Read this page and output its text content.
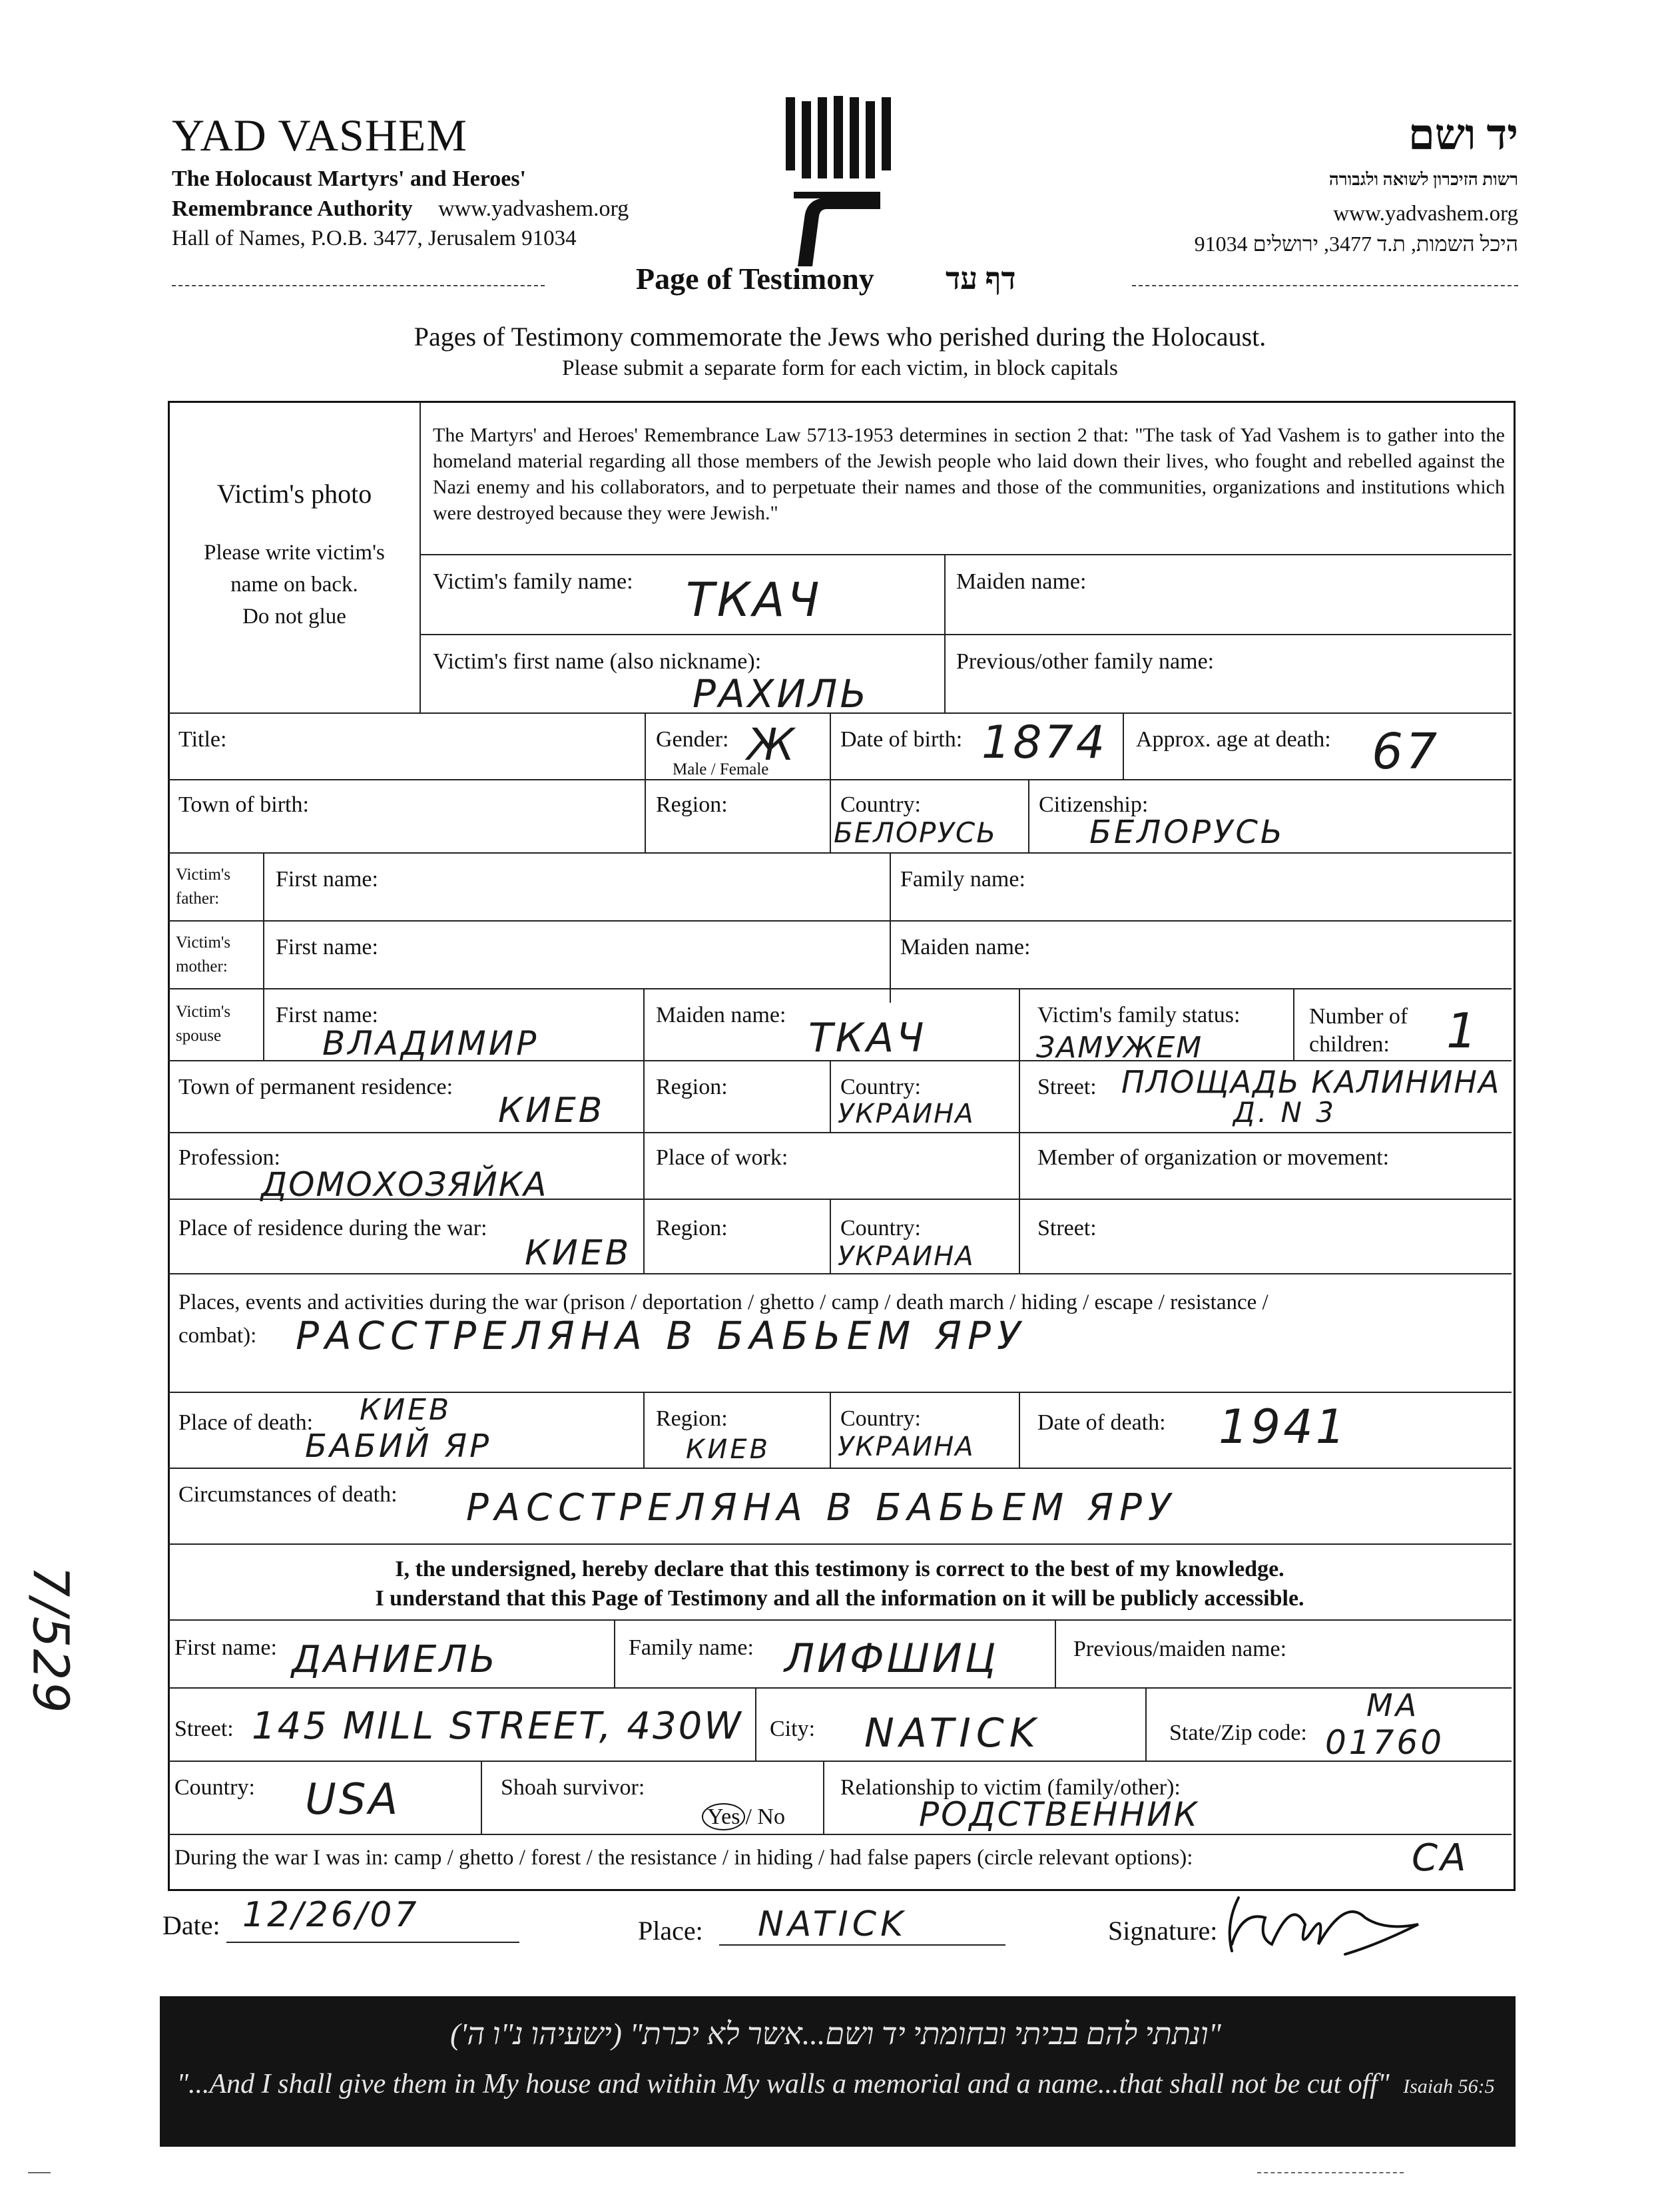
YAD VASHEM
The Holocaust Martyrs' and Heroes'
Remembrance Authority www.yadvashem.org
Hall of Names, P.O.B. 3477, Jerusalem 91034
יד ושם
רשות הזיכרון לשואה ולגבורה
www.yadvashem.org
היכל השמות, ת.ד 3477, ירושלים 91034
Page of Testimony דף עד
Pages of Testimony commemorate the Jews who perished during the Holocaust.
Please submit a separate form for each victim, in block capitals
Victim's photo
Please write victim's
name on back.
Do not glue
The Martyrs' and Heroes' Remembrance Law 5713-1953 determines in section 2 that: "The task of Yad Vashem is to gather into the homeland material regarding all those members of the Jewish people who laid down their lives, who fought and rebelled against the Nazi enemy and his collaborators, and to perpetuate their names and those of the communities, organizations and institutions which were destroyed because they were Jewish."
Victim's family name: ТКАЧ	Maiden name:
Victim's first name (also nickname):
РАХИЛЬ
Previous/other family name:
Title:	Gender: Ж
Male / Female
Date of birth: 1874 Approx. age at death: 67
Town of birth:	Region:	Country:
БЕЛОРУСЬ
Citizenship:
БЕЛОРУСЬ
Victim's father:
First name:	Family name:
Victim's mother:
First name:	Maiden name:
Victim's spouse
First name:
ВЛАДИМИР
Maiden name: ТКАЧ	Victim's family status:
ЗАМУЖЕМ
Number of
children: 1
Town of permanent residence:
КИЕВ
Region:	Country:
УКРАИНА
Street: ПЛОЩАДЬ КАЛИНИНА
Д. N 3
Profession:
ДОМОХОЗЯЙКА
Place of work:	Member of organization or movement:
Place of residence during the war:
КИЕВ
Region:	Country:
УКРАИНА
Street:
Places, events and activities during the war (prison / deportation / ghetto / camp / death march / hiding / escape / resistance /
combat): РАССТРЕЛЯНА В БАБЬЕМ ЯРУ
Place of death: КИЕВ
БАБИЙ ЯР
Region:
КИЕВ
Country:
УКРАИНА
Date of death: 1941
Circumstances of death: РАССТРЕЛЯНА В БАБЬЕМ ЯРУ
I, the undersigned, hereby declare that this testimony is correct to the best of my knowledge.
I understand that this Page of Testimony and all the information on it will be publicly accessible.
First name: ДАНИЕЛЬ	Family name: ЛИФШИЦ	Previous/maiden name:
Street: 145 MILL STREET, 430W City: NATICK	State/Zip code:
MA
01760
Country: USA	Shoah survivor:
Yes / No
Relationship to victim (family/other):
РОДСТВЕННИК
During the war I was in: camp / ghetto / forest / the resistance / in hiding / had false papers (circle relevant options):	CA
Date: 12/26/07	Place: NATICK	Signature:
"ונתתי להם בביתי ובחומתי יד ושם...אשר לא יכרת" (ישעיהו נ"ו ה')
"...And I shall give them in My house and within My walls a memorial and a name...that shall not be cut off" Isaiah 56:5
7/529
